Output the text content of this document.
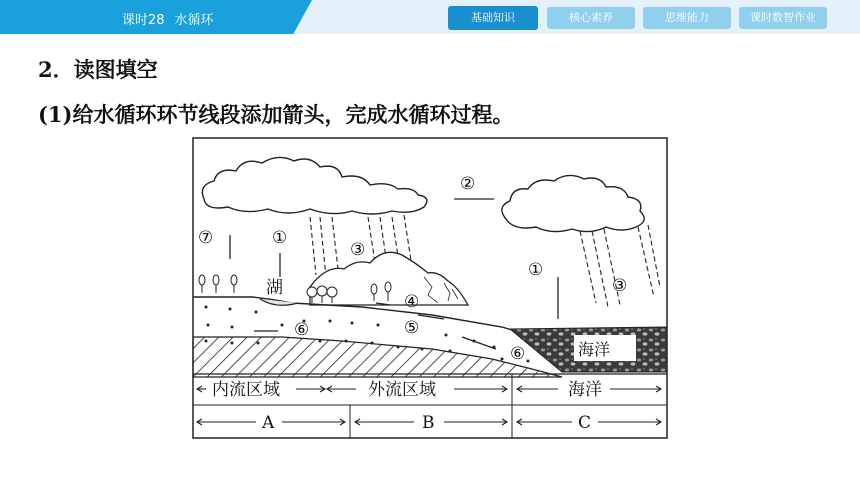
课时28 水循环	基础知识	核心素养	思维能力	课时数智作业
2．读图填空
(1)给水循环环节线段添加箭头，完成水循环过程。
⑦	①
②
③
①
③
④
⑤
⑥
⑥
湖
海洋
内流区域	外流区域	海洋
A	B	C
